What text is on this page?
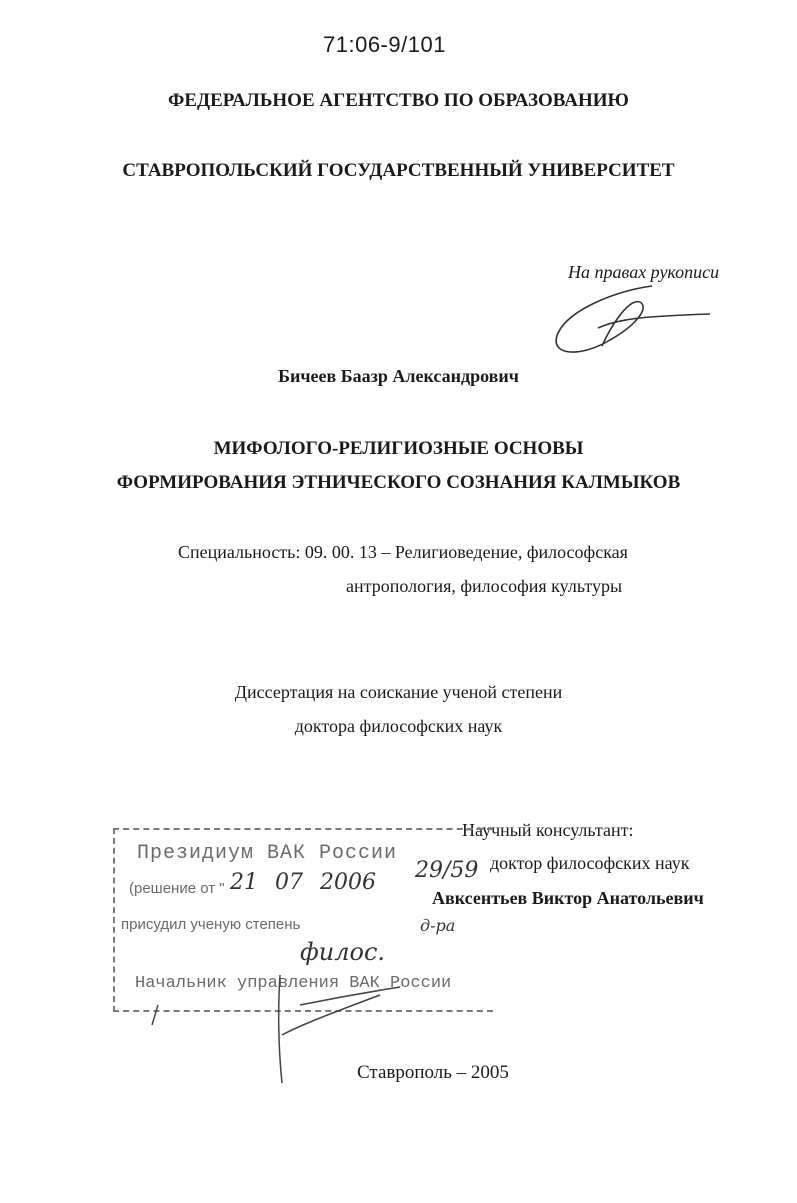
71:06-9/101
ФЕДЕРАЛЬНОЕ АГЕНТСТВО ПО ОБРАЗОВАНИЮ
СТАВРОПОЛЬСКИЙ ГОСУДАРСТВЕННЫЙ УНИВЕРСИТЕТ
На правах рукописи
Бичеев Баазр Александрович
МИФОЛОГО-РЕЛИГИОЗНЫЕ ОСНОВЫ
ФОРМИРОВАНИЯ ЭТНИЧЕСКОГО СОЗНАНИЯ КАЛМЫКОВ
Специальность: 09. 00. 13 – Религиоведение, философская
антропология, философия культуры
Диссертация на соискание ученой степени
доктора философских наук
Научный консультант:
доктор философских наук
Авксентьев Виктор Анатольевич
Президиум ВАК России
(решение от "
присудил ученую степень
Начальник управления ВАК России
21 07 2006 29/59
д-ра
филос.
Ставрополь – 2005
